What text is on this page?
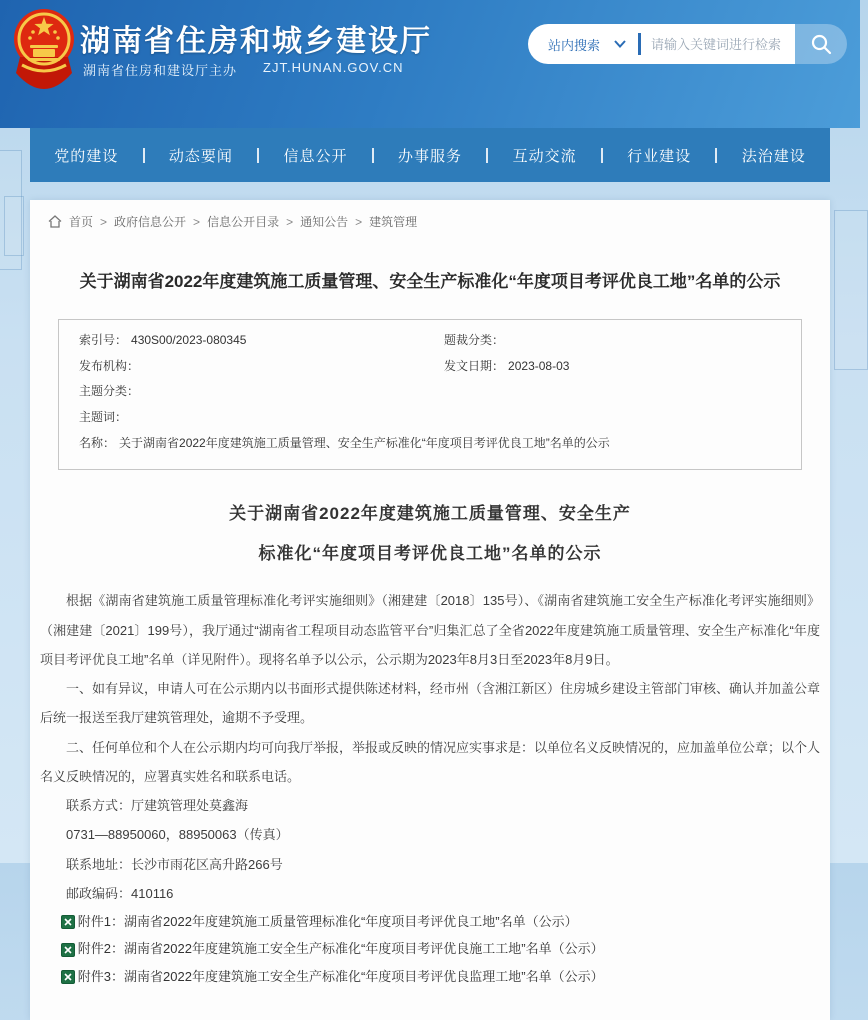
湖南省住房和城乡建设厅
湖南省住房和建设厅主办 ZJT.HUNAN.GOV.CN
站内搜索
请输入关键词进行检索
党的建设	动态要闻	信息公开	办事服务	互动交流	行业建设	法治建设
首页 > 政府信息公开 > 信息公开目录 > 通知公告 > 建筑管理
关于湖南省2022年度建筑施工质量管理、安全生产标准化“年度项目考评优良工地”名单的公示
索引号： 430S00/2023-080345	题裁分类：
发布机构：	发文日期： 2023-08-03
主题分类：
主题词：
名称： 关于湖南省2022年度建筑施工质量管理、安全生产标准化“年度项目考评优良工地”名单的公示
关于湖南省2022年度建筑施工质量管理、安全生产
标准化“年度项目考评优良工地”名单的公示

根据《湖南省建筑施工质量管理标准化考评实施细则》（湘建建〔2018〕135号）、《湖南省建筑施工安全生产标准化考评实施细则》（湘建建〔2021〕199号），我厅通过“湖南省工程项目动态监管平台”归集汇总了全省2022年度建筑施工质量管理、安全生产标准化“年度项目考评优良工地”名单（详见附件）。现将名单予以公示，公示期为2023年8月3日至2023年8月9日。

一、如有异议，申请人可在公示期内以书面形式提供陈述材料，经市州（含湘江新区）住房城乡建设主管部门审核、确认并加盖公章后统一报送至我厅建筑管理处，逾期不予受理。

二、任何单位和个人在公示期内均可向我厅举报，举报或反映的情况应实事求是：以单位名义反映情况的，应加盖单位公章；以个人名义反映情况的，应署真实姓名和联系电话。

联系方式：厅建筑管理处莫鑫海
0731—88950060，88950063（传真）
联系地址：长沙市雨花区高升路266号
邮政编码：410116
附件1：湖南省2022年度建筑施工质量管理标准化“年度项目考评优良工地”名单（公示）
附件2：湖南省2022年度建筑施工安全生产标准化“年度项目考评优良施工工地”名单（公示）
附件3：湖南省2022年度建筑施工安全生产标准化“年度项目考评优良监理工地”名单（公示）
